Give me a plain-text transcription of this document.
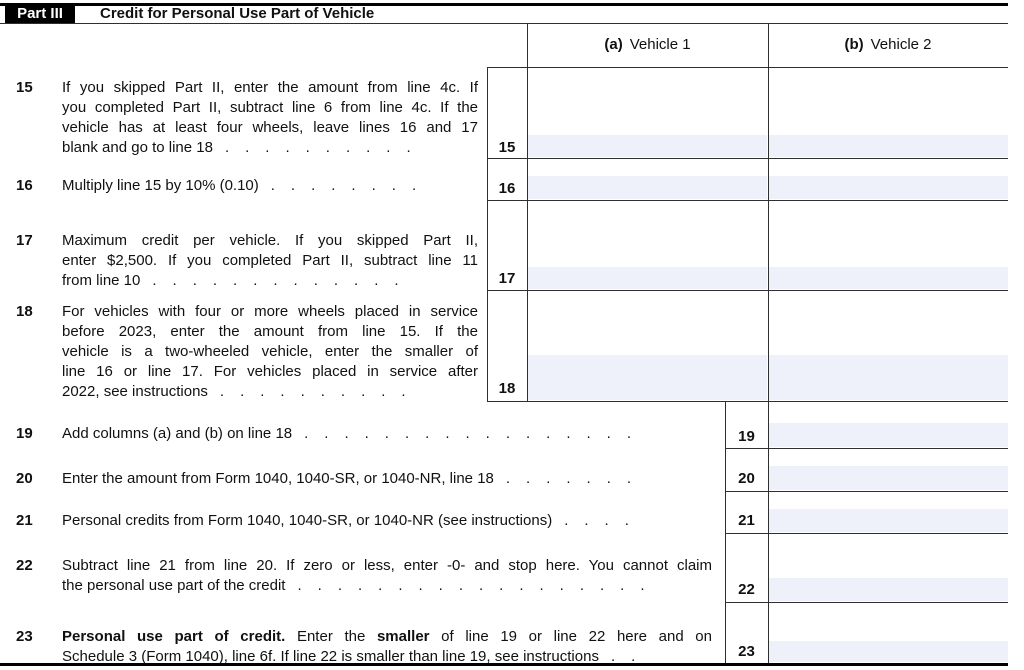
Part III	Credit for Personal Use Part of Vehicle
(a) Vehicle 1	(b) Vehicle 2
15
16
17
18
19
20
21
22
23
15
16
17
18
19
20
21
22
23
If you skipped Part II, enter the amount from line 4c. If
you completed Part II, subtract line 6 from line 4c. If the
vehicle has at least four wheels, leave lines 16 and 17
blank and go to line 18 ..........
Multiply line 15 by 10% (0.10) ........
Maximum credit per vehicle. If you skipped Part II,
enter $2,500. If you completed Part II, subtract line 11
from line 10 .............
For vehicles with four or more wheels placed in service
before 2023, enter the amount from line 15. If the
vehicle is a two-wheeled vehicle, enter the smaller of
line 16 or line 17. For vehicles placed in service after
2022, see instructions ..........
Add columns (a) and (b) on line 18 .................
Enter the amount from Form 1040, 1040-SR, or 1040-NR, line 18 .......
Personal credits from Form 1040, 1040-SR, or 1040-NR (see instructions) ....
Subtract line 21 from line 20. If zero or less, enter -0- and stop here. You cannot claim
the personal use part of the credit ..................
Personal use part of credit. Enter the smaller of line 19 or line 22 here and on
Schedule 3 (Form 1040), line 6f. If line 22 is smaller than line 19, see instructions ..
